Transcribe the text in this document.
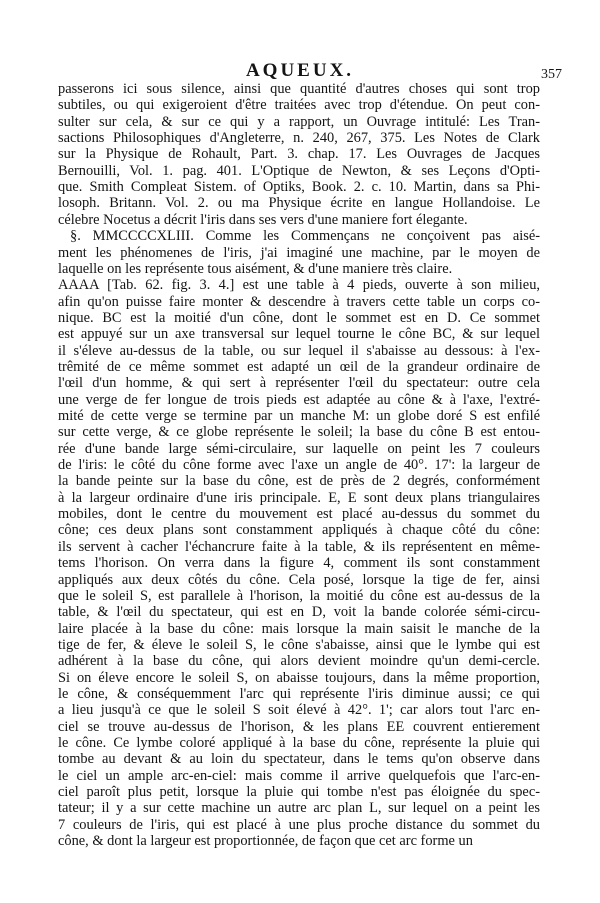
AQUEUX.	357
passerons ici sous silence, ainsi que quantité d'autres choses qui sont trop
subtiles, ou qui exigeroient d'être traitées avec trop d'étendue. On peut con-
sulter sur cela, & sur ce qui y a rapport, un Ouvrage intitulé: Les Tran-
sactions Philosophiques d'Angleterre, n. 240, 267, 375. Les Notes de Clark
sur la Physique de Rohault, Part. 3. chap. 17. Les Ouvrages de Jacques
Bernouilli, Vol. 1. pag. 401. L'Optique de Newton, & ses Leçons d'Opti-
que. Smith Compleat Sistem. of Optiks, Book. 2. c. 10. Martin, dans sa Phi-
losoph. Britann. Vol. 2. ou ma Physique écrite en langue Hollandoise. Le
célebre Nocetus a décrit l'iris dans ses vers d'une maniere fort élegante.
§. MMCCCCXLIII. Comme les Commençans ne conçoivent pas aisé-
ment les phénomenes de l'iris, j'ai imaginé une machine, par le moyen de
laquelle on les représente tous aisément, & d'une maniere très claire.
AAAA [Tab. 62. fig. 3. 4.] est une table à 4 pieds, ouverte à son milieu,
afin qu'on puisse faire monter & descendre à travers cette table un corps co-
nique. BC est la moitié d'un cône, dont le sommet est en D. Ce sommet
est appuyé sur un axe transversal sur lequel tourne le cône BC, & sur lequel
il s'éleve au-dessus de la table, ou sur lequel il s'abaisse au dessous: à l'ex-
trêmité de ce même sommet est adapté un œil de la grandeur ordinaire de
l'œil d'un homme, & qui sert à représenter l'œil du spectateur: outre cela
une verge de fer longue de trois pieds est adaptée au cône & à l'axe, l'extré-
mité de cette verge se termine par un manche M: un globe doré S est enfilé
sur cette verge, & ce globe représente le soleil; la base du cône B est entou-
rée d'une bande large sémi-circulaire, sur laquelle on peint les 7 couleurs
de l'iris: le côté du cône forme avec l'axe un angle de 40°. 17': la largeur de
la bande peinte sur la base du cône, est de près de 2 degrés, conformément
à la largeur ordinaire d'une iris principale. E, E sont deux plans triangulaires
mobiles, dont le centre du mouvement est placé au-dessus du sommet du
cône; ces deux plans sont constamment appliqués à chaque côté du cône:
ils servent à cacher l'échancrure faite à la table, & ils représentent en même-
tems l'horison. On verra dans la figure 4, comment ils sont constamment
appliqués aux deux côtés du cône. Cela posé, lorsque la tige de fer, ainsi
que le soleil S, est parallele à l'horison, la moitié du cône est au-dessus de la
table, & l'œil du spectateur, qui est en D, voit la bande colorée sémi-circu-
laire placée à la base du cône: mais lorsque la main saisit le manche de la
tige de fer, & éleve le soleil S, le cône s'abaisse, ainsi que le lymbe qui est
adhérent à la base du cône, qui alors devient moindre qu'un demi-cercle.
Si on éleve encore le soleil S, on abaisse toujours, dans la même proportion,
le cône, & conséquemment l'arc qui représente l'iris diminue aussi; ce qui
a lieu jusqu'à ce que le soleil S soit élevé à 42°. 1'; car alors tout l'arc en-
ciel se trouve au-dessus de l'horison, & les plans EE couvrent entierement
le cône. Ce lymbe coloré appliqué à la base du cône, représente la pluie qui
tombe au devant & au loin du spectateur, dans le tems qu'on observe dans
le ciel un ample arc-en-ciel: mais comme il arrive quelquefois que l'arc-en-
ciel paroît plus petit, lorsque la pluie qui tombe n'est pas éloignée du spec-
tateur; il y a sur cette machine un autre arc plan L, sur lequel on a peint les
7 couleurs de l'iris, qui est placé à une plus proche distance du sommet du
cône, & dont la largeur est proportionnée, de façon que cet arc forme un
